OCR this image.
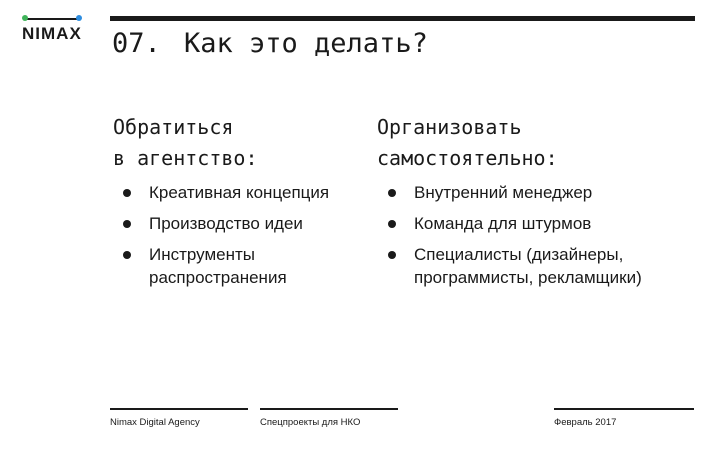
NIMAX 07. Как это делать?
Обратиться
в агентство:
Организовать
самостоятельно:
Креативная концепция
Производство идеи
Инструменты распространения
Внутренний менеджер
Команда для штурмов
Специалисты (дизайнеры, программисты, рекламщики)
Nimax Digital Agency	Спецпроекты для НКО	Февраль 2017
